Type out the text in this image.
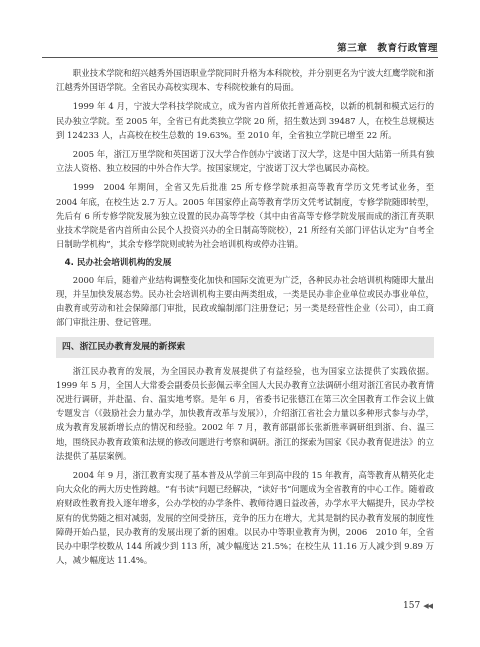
第三章　教育行政管理

职业技术学院和绍兴越秀外国语职业学院同时升格为本科院校，并分别更名为宁波大红鹰学院和浙江越秀外国语学院。全省民办高校实现本、专科院校兼有的局面。

1999 年 4 月，宁波大学科技学院成立，成为省内首所依托普通高校，以新的机制和模式运行的民办独立学院。至 2005 年，全省已有此类独立学院 20 所，招生数达到 39487 人，在校生总规模达到 124233 人，占高校在校生总数的 19.63%。至 2010 年，全省独立学院已增至 22 所。

2005 年，浙江万里学院和英国诺丁汉大学合作创办宁波诺丁汉大学，这是中国大陆第一所具有独立法人资格、独立校园的中外合作大学。按国家规定，宁波诺丁汉大学也属民办高校。

1999　2004 年期间，全省又先后批准 25 所专修学院承担高等教育学历文凭考试业务，至 2004 年底，在校生达 2.7 万人。2005 年国家停止高等教育学历文凭考试制度，专修学院随即转型，先后有 6 所专修学院发展为独立设置的民办高等学校（其中由省高等专修学院发展而成的浙江育英职业技术学院是省内首所由公民个人投资兴办的全日制高等院校），21 所经有关部门评估认定为“自考全日制助学机构”，其余专修学院则或转为社会培训机构或停办注销。

4. 民办社会培训机构的发展

2000 年后，随着产业结构调整变化加快和国际交流更为广泛，各种民办社会培训机构随即大量出现，并呈加快发展态势。民办社会培训机构主要由两类组成，一类是民办非企业单位或民办事业单位，由教育或劳动和社会保障部门审批，民政或编制部门注册登记；另一类是经营性企业（公司），由工商部门审批注册、登记管理。

四、浙江民办教育发展的新探索

浙江民办教育的发展，为全国民办教育发展提供了有益经验，也为国家立法提供了实践依据。1999 年 5 月，全国人大常委会副委员长彭佩云率全国人大民办教育立法调研小组对浙江省民办教育情况进行调研，并赴温、台、温实地考察。是年 6 月，省委书记张德江在第三次全国教育工作会议上做专题发言（《鼓励社会力量办学，加快教育改革与发展》），介绍浙江省社会力量以多种形式参与办学，成为教育发展新增长点的情况和经验。2002 年 7 月，教育部副部长张新胜率调研组到浙、台、温三地，围绕民办教育政策和法规的修改问题进行考察和调研。浙江的探索为国家《民办教育促进法》的立法提供了基层案例。

2004 年 9 月，浙江教育实现了基本普及从学前三年到高中段的 15 年教育，高等教育从精英化走向大众化的两大历史性跨越。“有书读”问题已经解决，“读好书”问题成为全省教育的中心工作。随着政府财政性教育投入逐年增多，公办学校的办学条件、教师待遇日益改善，办学水平大幅提升，民办学校原有的优势随之相对减弱，发展的空间受挤压，竞争的压力在增大，尤其是制约民办教育发展的制度性障碍开始凸显，民办教育的发展出现了新的困难。以民办中等职业教育为例，2006　2010 年，全省民办中职学校数从 144 所减少到 113 所，减少幅度达 21.5%；在校生从 11.16 万人减少到 9.89 万人，减少幅度达 11.4%。

157 ◀◀
